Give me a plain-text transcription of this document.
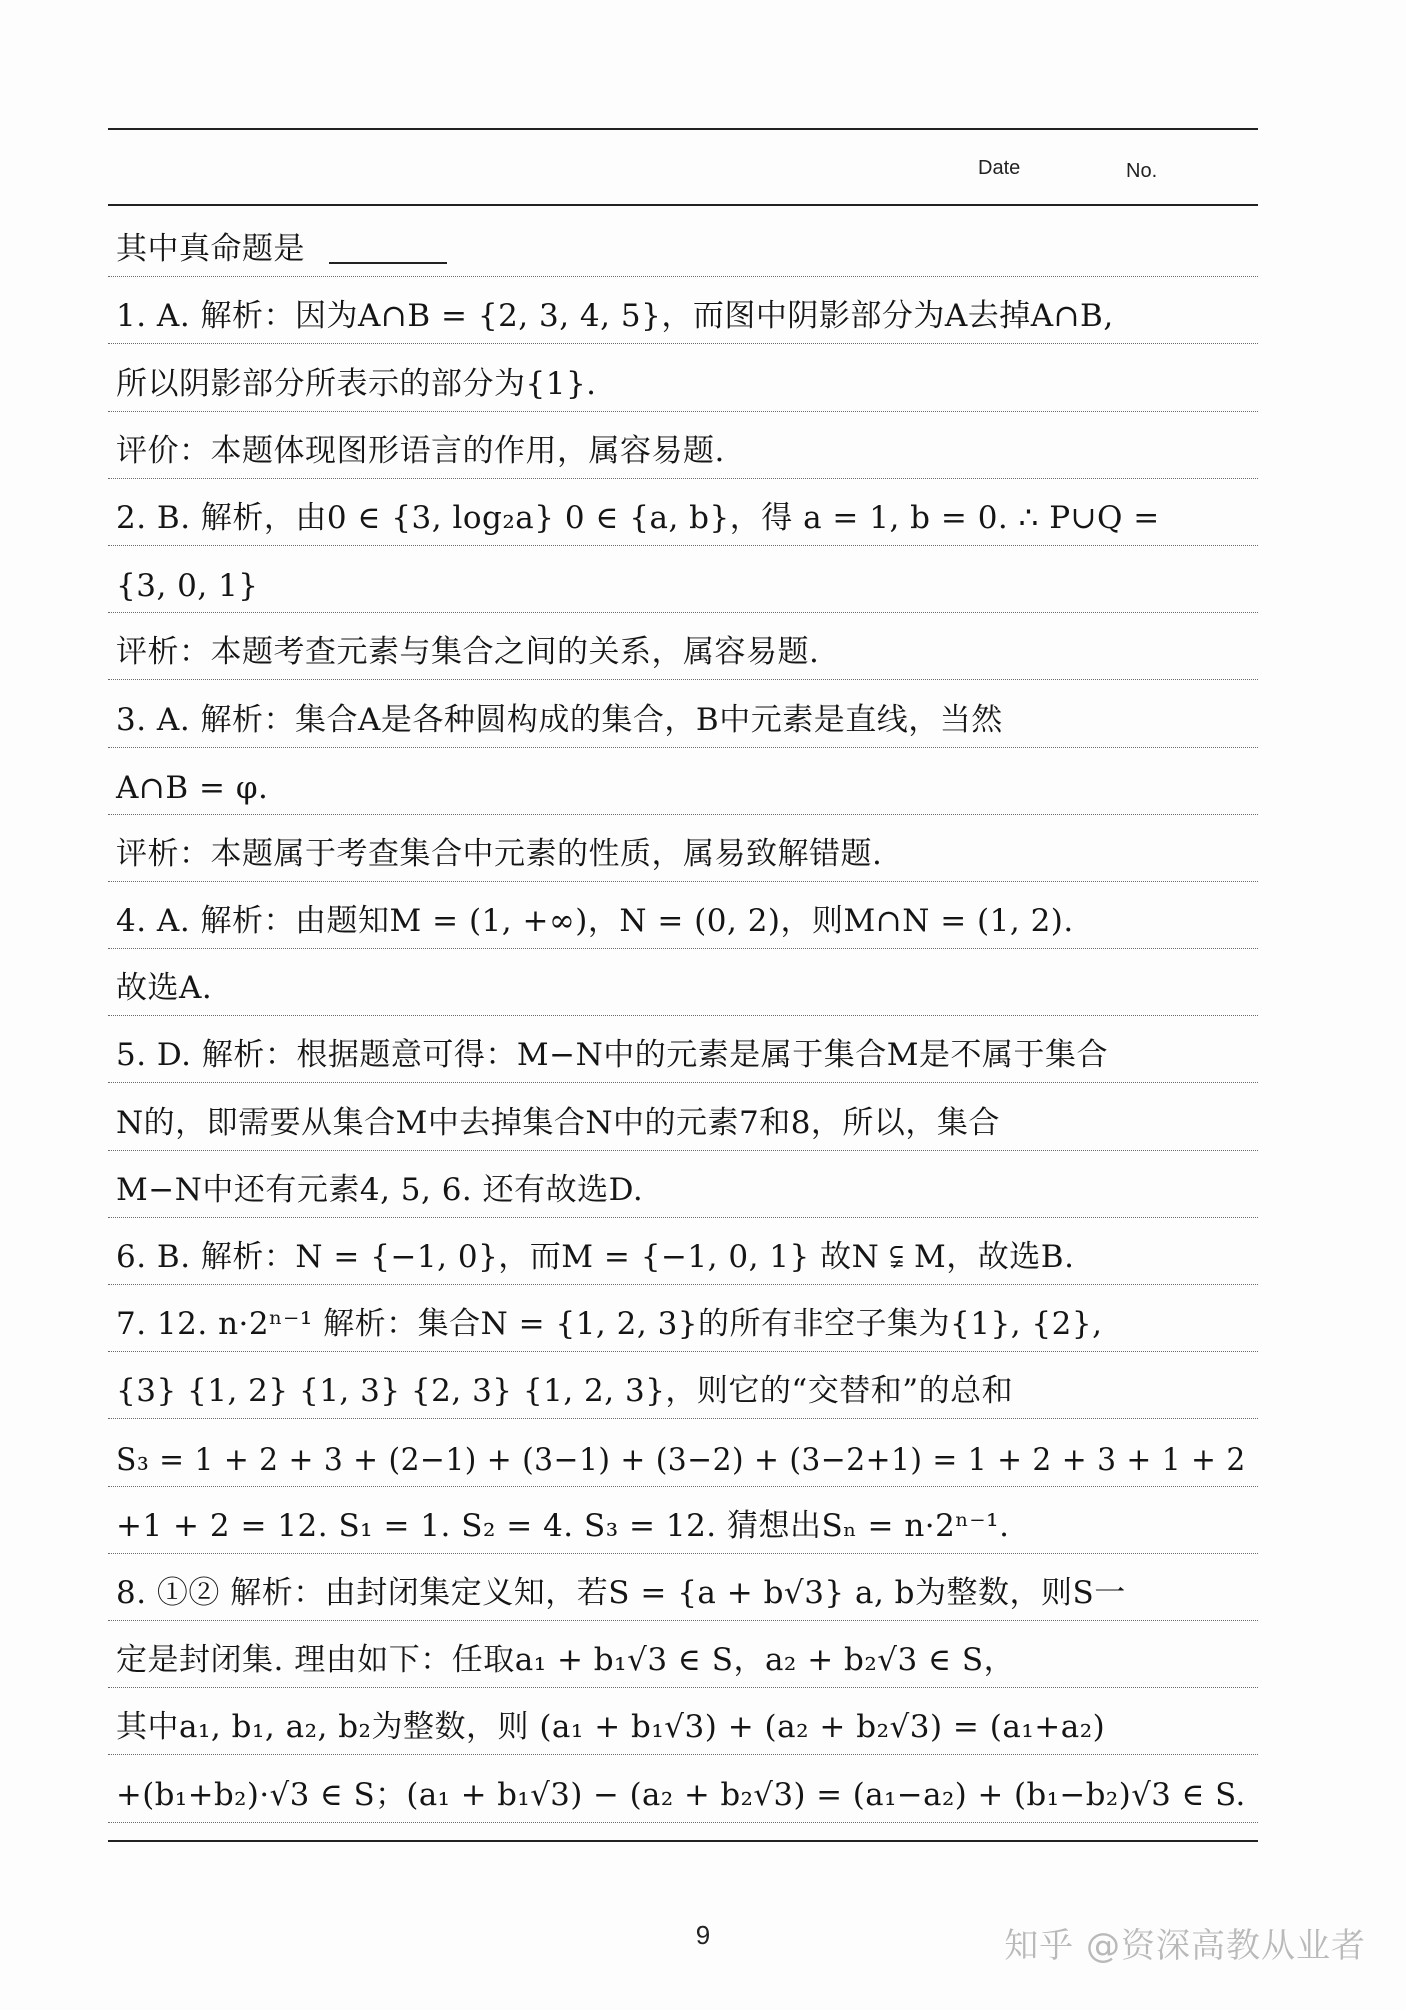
Date	No.
其中真命题是
1. A. 解析：因为A∩B = {2, 3, 4, 5}，而图中阴影部分为A去掉A∩B,
所以阴影部分所表示的部分为{1}.
评价：本题体现图形语言的作用，属容易题.
2. B. 解析，由0 ∈ {3, log₂a} 0 ∈ {a, b}，得 a = 1, b = 0. ∴ P∪Q =
{3, 0, 1}
评析：本题考查元素与集合之间的关系，属容易题.
3. A. 解析：集合A是各种圆构成的集合，B中元素是直线，当然
A∩B = φ.
评析：本题属于考查集合中元素的性质，属易致解错题.
4. A. 解析：由题知M = (1, +∞)，N = (0, 2)，则M∩N = (1, 2).
故选A.
5. D. 解析：根据题意可得：M−N中的元素是属于集合M是不属于集合
N的，即需要从集合M中去掉集合N中的元素7和8，所以，集合
M−N中还有元素4, 5, 6. 还有故选D.
6. B. 解析：N = {−1, 0}，而M = {−1, 0, 1} 故N ⫋ M，故选B.
7. 12. n·2ⁿ⁻¹ 解析：集合N = {1, 2, 3}的所有非空子集为{1}, {2},
{3} {1, 2} {1, 3} {2, 3} {1, 2, 3}，则它的“交替和”的总和
S₃ = 1 + 2 + 3 + (2−1) + (3−1) + (3−2) + (3−2+1) = 1 + 2 + 3 + 1 + 2
+1 + 2 = 12. S₁ = 1. S₂ = 4. S₃ = 12. 猜想出Sₙ = n·2ⁿ⁻¹.
8. ①② 解析：由封闭集定义知，若S = {a + b√3} a, b为整数，则S一
定是封闭集. 理由如下：任取a₁ + b₁√3 ∈ S，a₂ + b₂√3 ∈ S，
其中a₁, b₁, a₂, b₂为整数，则 (a₁ + b₁√3) + (a₂ + b₂√3) = (a₁+a₂)
+(b₁+b₂)·√3 ∈ S；(a₁ + b₁√3) − (a₂ + b₂√3) = (a₁−a₂) + (b₁−b₂)√3 ∈ S.
9	知乎 @资深高教从业者
